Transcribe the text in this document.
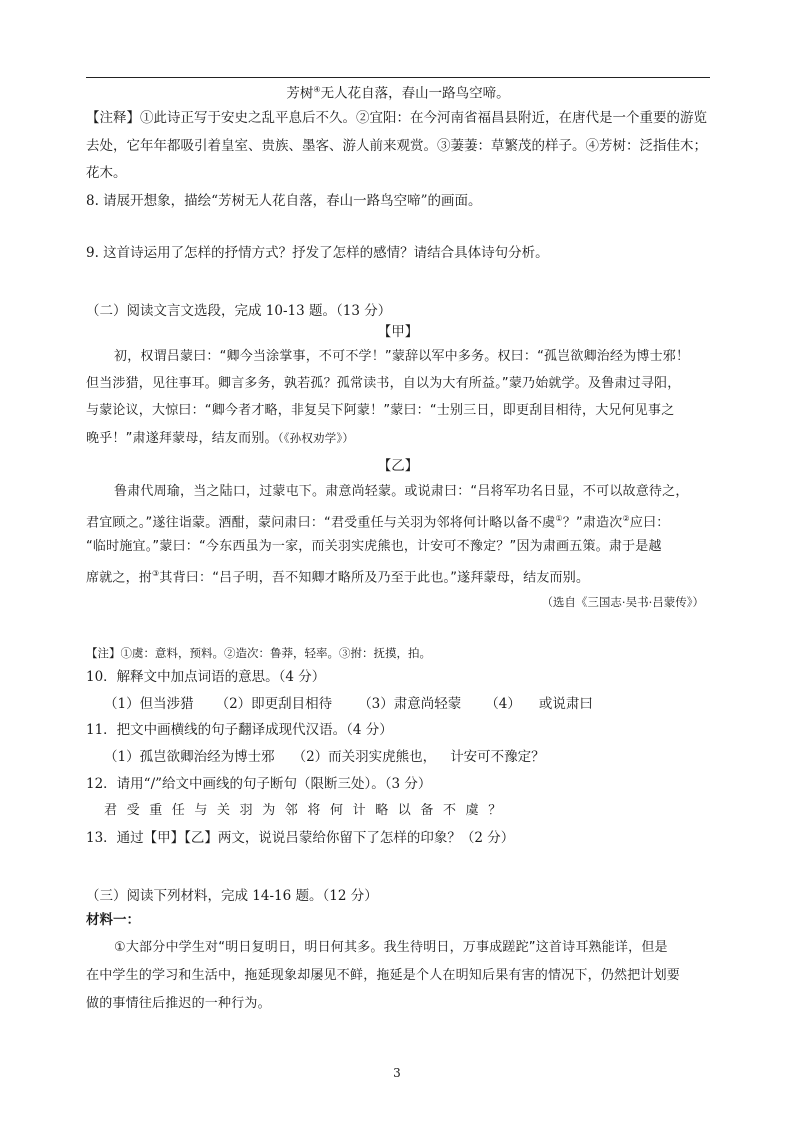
芳树④无人花自落，春山一路鸟空啼。
【注释】①此诗正写于安史之乱平息后不久。②宜阳：在今河南省福昌县附近，在唐代是一个重要的游览
去处，它年年都吸引着皇室、贵族、墨客、游人前来观赏。③萋萋：草繁茂的样子。④芳树：泛指佳木；
花木。
8. 请展开想象，描绘“芳树无人花自落，春山一路鸟空啼”的画面。
9. 这首诗运用了怎样的抒情方式？抒发了怎样的感情？请结合具体诗句分析。
（二）阅读文言文选段，完成 10-13 题。（13 分）
【甲】
初，权谓吕蒙曰：“卿今当涂掌事，不可不学！”蒙辞以军中多务。权曰：“孤岂欲卿治经为博士邪！
但当涉猎，见往事耳。卿言多务，孰若孤？孤常读书，自以为大有所益。”蒙乃始就学。及鲁肃过寻阳，
与蒙论议，大惊曰：“卿今者才略，非复吴下阿蒙！”蒙曰：“士别三日，即更刮目相待，大兄何见事之
晚乎！”肃遂拜蒙母，结友而别。（《孙权劝学》）
【乙】
鲁肃代周瑜，当之陆口，过蒙屯下。肃意尚轻蒙。或说肃曰：“吕将军功名日显，不可以故意待之，
君宜顾之。”遂往诣蒙。酒酣，蒙问肃曰：“君受重任与关羽为邻将何计略以备不虞①？”肃造次②应曰：
“临时施宜。”蒙曰：“今东西虽为一家，而关羽实虎熊也，计安可不豫定？”因为肃画五策。肃于是越
席就之，拊③其背曰：“吕子明，吾不知卿才略所及乃至于此也。”遂拜蒙母，结友而别。
（选自《三国志·吴书·吕蒙传》）
【注】①虞：意料，预料。②造次：鲁莽，轻率。③拊：抚摸，拍。
10．解释文中加点词语的意思。（4 分）
（1）但当涉猎 （2）即更刮目相待 （3）肃意尚轻蒙 （4） 或说肃曰
11．把文中画横线的句子翻译成现代汉语。（4 分）
（1）孤岂欲卿治经为博士邪 （2）而关羽实虎熊也， 计安可不豫定？
12．请用“/”给文中画线的句子断句（限断三处）。（3 分）
君受重任与关羽为邻将何计略以备不虞？
13．通过【甲】【乙】两文，说说吕蒙给你留下了怎样的印象？（2 分）
（三）阅读下列材料，完成 14-16 题。（12 分）
材料一：
①大部分中学生对“明日复明日，明日何其多。我生待明日，万事成蹉跎”这首诗耳熟能详，但是
在中学生的学习和生活中，拖延现象却屡见不鲜，拖延是个人在明知后果有害的情况下，仍然把计划要
做的事情往后推迟的一种行为。
3
